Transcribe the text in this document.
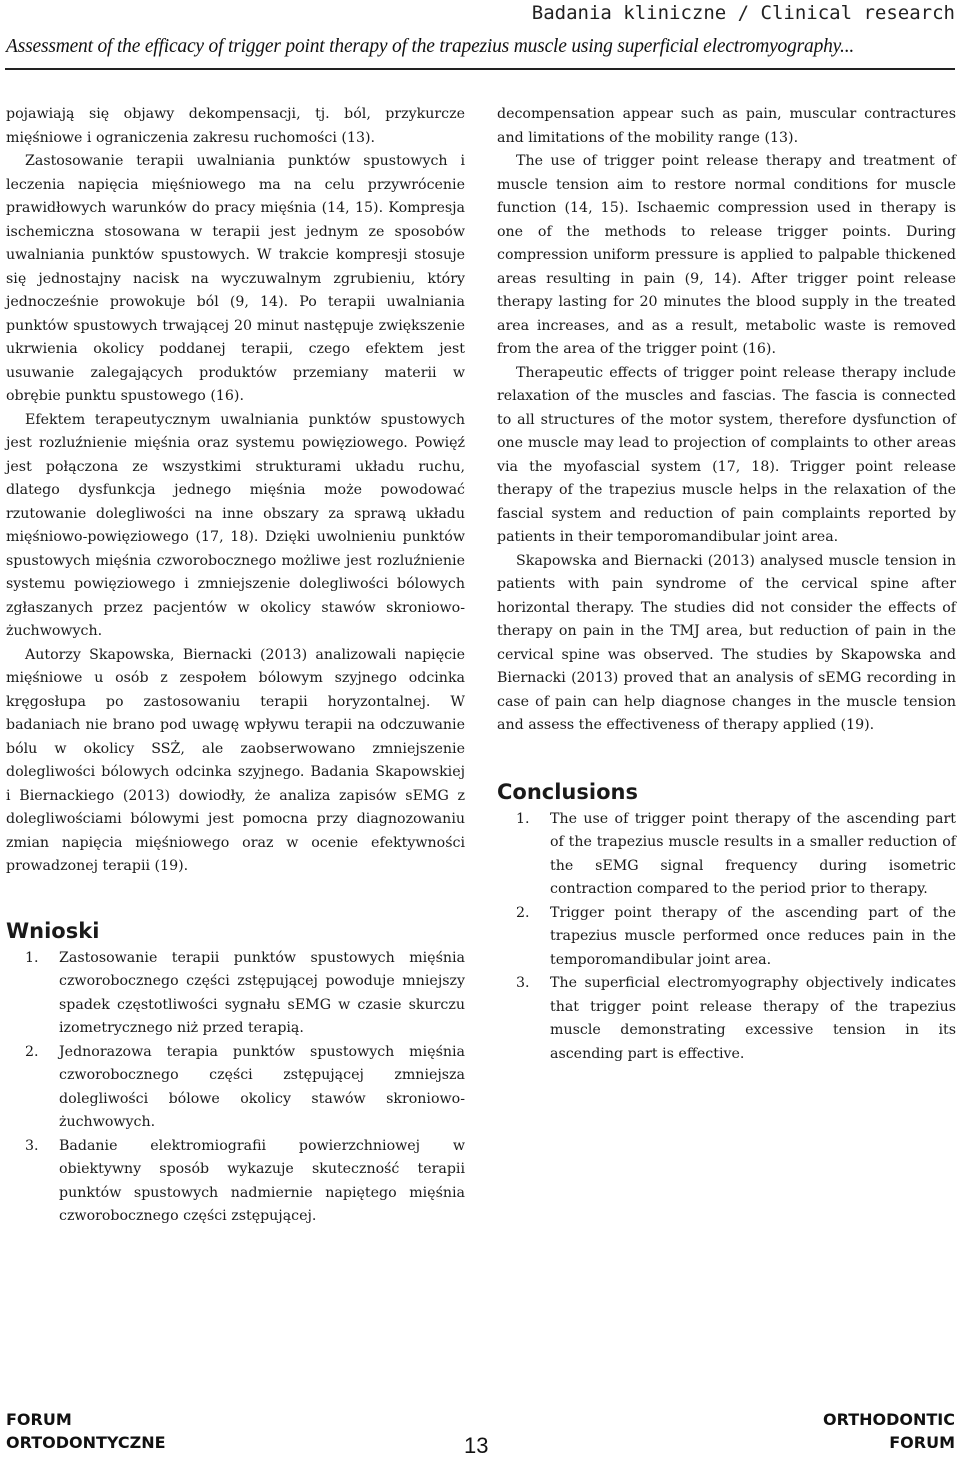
Badania kliniczne / Clinical research
Assessment of the efficacy of trigger point therapy of the trapezius muscle using superficial electromyography...

pojawiają się objawy dekompensacji, tj. ból, przykurcze mięśniowe i ograniczenia zakresu ruchomości (13).

Zastosowanie terapii uwalniania punktów spustowych i leczenia napięcia mięśniowego ma na celu przywrócenie prawidłowych warunków do pracy mięśnia (14, 15). Kompresja ischemiczna stosowana w terapii jest jednym ze sposobów uwalniania punktów spustowych. W trakcie kompresji stosuje się jednostajny nacisk na wyczuwalnym zgrubieniu, który jednocześnie prowokuje ból (9, 14). Po terapii uwalniania punktów spustowych trwającej 20 minut następuje zwiększenie ukrwienia okolicy poddanej terapii, czego efektem jest usuwanie zalegających produktów przemiany materii w obrębie punktu spustowego (16).

Efektem terapeutycznym uwalniania punktów spustowych jest rozluźnienie mięśnia oraz systemu powięziowego. Powięź jest połączona ze wszystkimi strukturami układu ruchu, dlatego dysfunkcja jednego mięśnia może powodować rzutowanie dolegliwości na inne obszary za sprawą układu mięśniowo-powięziowego (17, 18). Dzięki uwolnieniu punktów spustowych mięśnia czworobocznego możliwe jest rozluźnienie systemu powięziowego i zmniejszenie dolegliwości bólowych zgłaszanych przez pacjentów w okolicy stawów skroniowo-żuchwowych.

Autorzy Skapowska, Biernacki (2013) analizowali napięcie mięśniowe u osób z zespołem bólowym szyjnego odcinka kręgosłupa po zastosowaniu terapii horyzontalnej. W badaniach nie brano pod uwagę wpływu terapii na odczuwanie bólu w okolicy SSŻ, ale zaobserwowano zmniejszenie dolegliwości bólowych odcinka szyjnego. Badania Skapowskiej i Biernackiego (2013) dowiodły, że analiza zapisów sEMG z dolegliwościami bólowymi jest pomocna przy diagnozowaniu zmian napięcia mięśniowego oraz w ocenie efektywności prowadzonej terapii (19).

Wnioski
1. Zastosowanie terapii punktów spustowych mięśnia czworobocznego części zstępującej powoduje mniejszy spadek częstotliwości sygnału sEMG w czasie skurczu izometrycznego niż przed terapią.
2. Jednorazowa terapia punktów spustowych mięśnia czworobocznego części zstępującej zmniejsza dolegliwości bólowe okolicy stawów skroniowo-żuchwowych.
3. Badanie elektromiografii powierzchniowej w obiektywny sposób wykazuje skuteczność terapii punktów spustowych nadmiernie napiętego mięśnia czworobocznego części zstępującej.

decompensation appear such as pain, muscular contractures and limitations of the mobility range (13).

The use of trigger point release therapy and treatment of muscle tension aim to restore normal conditions for muscle function (14, 15). Ischaemic compression used in therapy is one of the methods to release trigger points. During compression uniform pressure is applied to palpable thickened areas resulting in pain (9, 14). After trigger point release therapy lasting for 20 minutes the blood supply in the treated area increases, and as a result, metabolic waste is removed from the area of the trigger point (16).

Therapeutic effects of trigger point release therapy include relaxation of the muscles and fascias. The fascia is connected to all structures of the motor system, therefore dysfunction of one muscle may lead to projection of complaints to other areas via the myofascial system (17, 18). Trigger point release therapy of the trapezius muscle helps in the relaxation of the fascial system and reduction of pain complaints reported by patients in their temporomandibular joint area.

Skapowska and Biernacki (2013) analysed muscle tension in patients with pain syndrome of the cervical spine after horizontal therapy. The studies did not consider the effects of therapy on pain in the TMJ area, but reduction of pain in the cervical spine was observed. The studies by Skapowska and Biernacki (2013) proved that an analysis of sEMG recording in case of pain can help diagnose changes in the muscle tension and assess the effectiveness of therapy applied (19).

Conclusions
1. The use of trigger point therapy of the ascending part of the trapezius muscle results in a smaller reduction of the sEMG signal frequency during isometric contraction compared to the period prior to therapy.
2. Trigger point therapy of the ascending part of the trapezius muscle performed once reduces pain in the temporomandibular joint area.
3. The superficial electromyography objectively indicates that trigger point release therapy of the trapezius muscle demonstrating excessive tension in its ascending part is effective.
FORUM
ORTODONTYCZNE	13
ORTHODONTIC
FORUM
